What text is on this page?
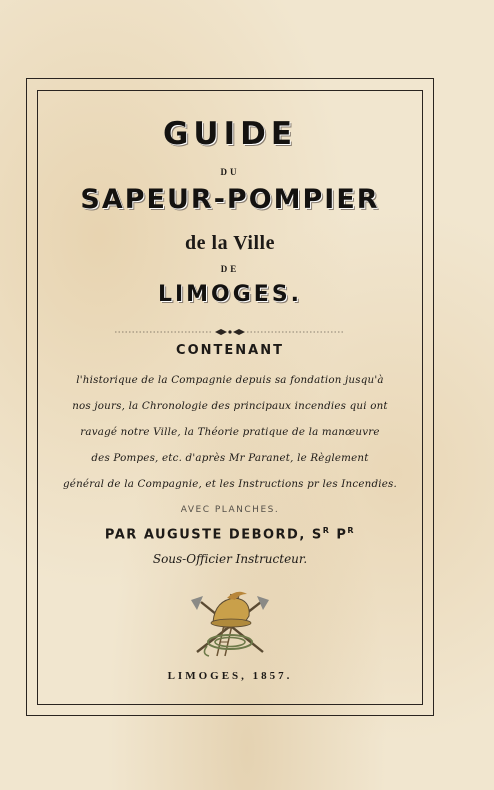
GUIDE
DU
SAPEUR-POMPIER
de la Ville
DE
LIMOGES.
CONTENANT
l'historique de la Compagnie depuis sa fondation jusqu'à
nos jours, la Chronologie des principaux incendies qui ont
ravagé notre Ville, la Théorie pratique de la manœuvre
des Pompes, etc. d'après Mr Paranet, le Règlement
général de la Compagnie, et les Instructions pr les Incendies.
AVEC PLANCHES.
PAR AUGUSTE DEBORD, $S^R$ $P^R$
Sous-Officier Instructeur.
LIMOGES, 1857.
